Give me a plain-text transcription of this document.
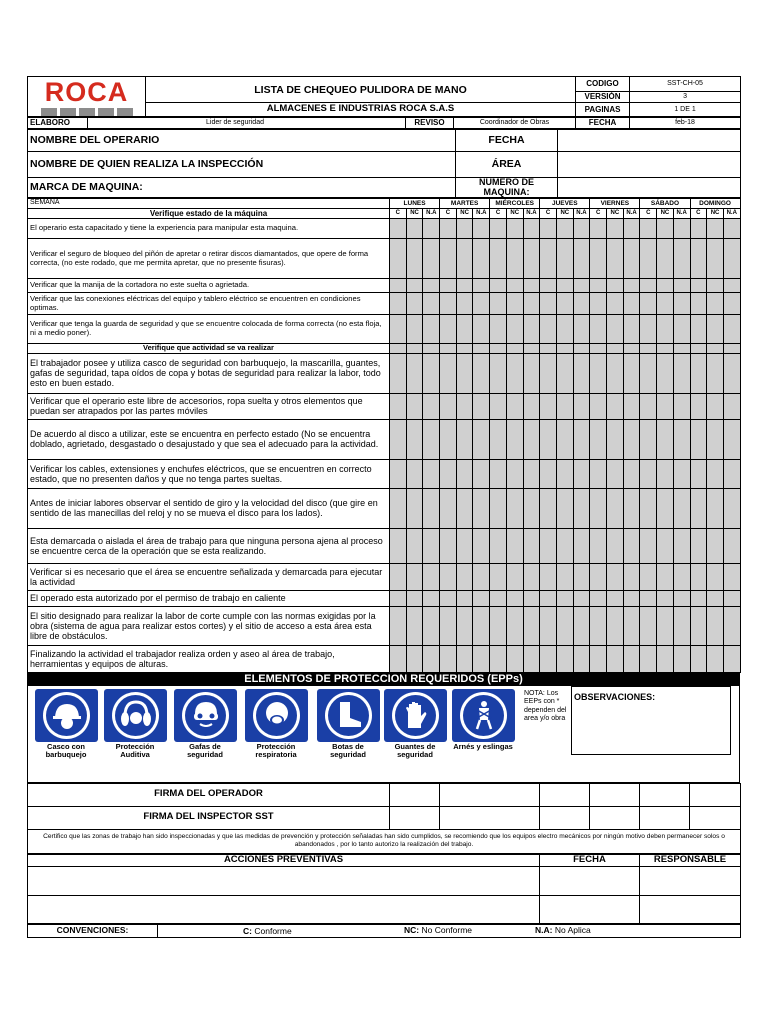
ROCA	LISTA DE CHEQUEO PULIDORA DE MANO	CODIGO	SST-CH-05
		VERSIÓN	3
	ALMACENES E INDUSTRIAS ROCA S.A.S	PAGINAS	1 DE 1
ELABORO	Lider de seguridad	REVISO	Coordinador de Obras	FECHA	feb-18
NOMBRE DEL OPERARIO	FECHA	
NOMBRE DE QUIEN REALIZA LA INSPECCIÓN	ÁREA	
MARCA DE MAQUINA:	NUMERO DE MAQUINA:	
SEMANA	LUNES			MARTES			MIÉRCOLES			JUEVES			VIERNES			SÁBADO			DOMINGO		
Verifique estado de la máquina	C	NC	N.A	C	NC	N.A	C	NC	N.A	C	NC	N.A	C	NC	N.A	C	NC	N.A	C	NC	N.A
El operario esta capacitado y tiene la experiencia para manipular esta maquina.																					
Verificar el seguro de bloqueo del piñón de apretar o retirar discos diamantados, que opere de forma correcta, (no este rodado, que me permita apretar, que no presente fisuras).																					
Verificar que la manija de la cortadora no este suelta o agrietada.																					
Verificar que las conexiones eléctricas del equipo y tablero eléctrico se encuentren en condiciones optimas.																					
Verificar que tenga la guarda de seguridad y que se encuentre colocada de forma correcta (no esta floja, ni a medio poner).																					
Verifique que actividad se va realizar																					
El trabajador posee y utiliza casco de seguridad con barbuquejo, la mascarilla, guantes, gafas de seguridad, tapa oídos de copa y botas de seguridad para realizar la labor, todo esto en buen estado.																					
Verificar que el operario este libre de accesorios, ropa suelta y otros elementos que puedan ser atrapados por las partes móviles																					
De acuerdo al disco a utilizar, este se encuentra en perfecto estado (No se encuentra doblado, agrietado, desgastado o desajustado y que sea el adecuado para la actividad.																					
Verificar los cables, extensiones y enchufes eléctricos, que se encuentren en correcto estado, que no presenten daños y que no tenga partes sueltas.																					
Antes de iniciar labores observar el sentido de giro y la velocidad del disco (que gire en sentido de las manecillas del reloj y no se mueva el disco para los lados).																					
Esta demarcada o aislada el área de trabajo para que ninguna persona ajena al proceso se encuentre cerca de la operación que se esta realizando.																					
Verificar si es necesario que el área se encuentre señalizada y demarcada para ejecutar la actividad																					
El operado esta autorizado por el permiso de trabajo en caliente																					
El sitio designado para realizar la labor de corte cumple con las normas exigidas por la obra (sistema de agua para realizar estos cortes) y el sitio de acceso a esta área esta libre de obstáculos.																					
Finalizando la actividad el trabajador realiza orden y aseo al área de trabajo, herramientas y equipos de alturas.																					
ELEMENTOS DE PROTECCION REQUERIDOS (EPPs)
Casco con barbuquejo
Protección Auditiva
Gafas de seguridad
Protección respiratoria
Botas de seguridad
Guantes de seguridad
Arnés y eslingas
NOTA: Los EEPs con * dependen del area y/o obra
OBSERVACIONES:
FIRMA DEL OPERADOR						
FIRMA DEL INSPECTOR SST						
Certifico que las zonas de trabajo han sido inspeccionadas y que las medidas de prevención y protección señaladas han sido cumplidos, se recomiendo que los equipos electro mecánicos por ningún motivo deben permanecer solos o abandonados , por lo tanto autorizo la realización del trabajo.						
ACCIONES PREVENTIVAS	FECHA	RESPONSABLE

CONVENCIONES:	C: Conforme	NC: No Conforme	N.A: No Aplica
